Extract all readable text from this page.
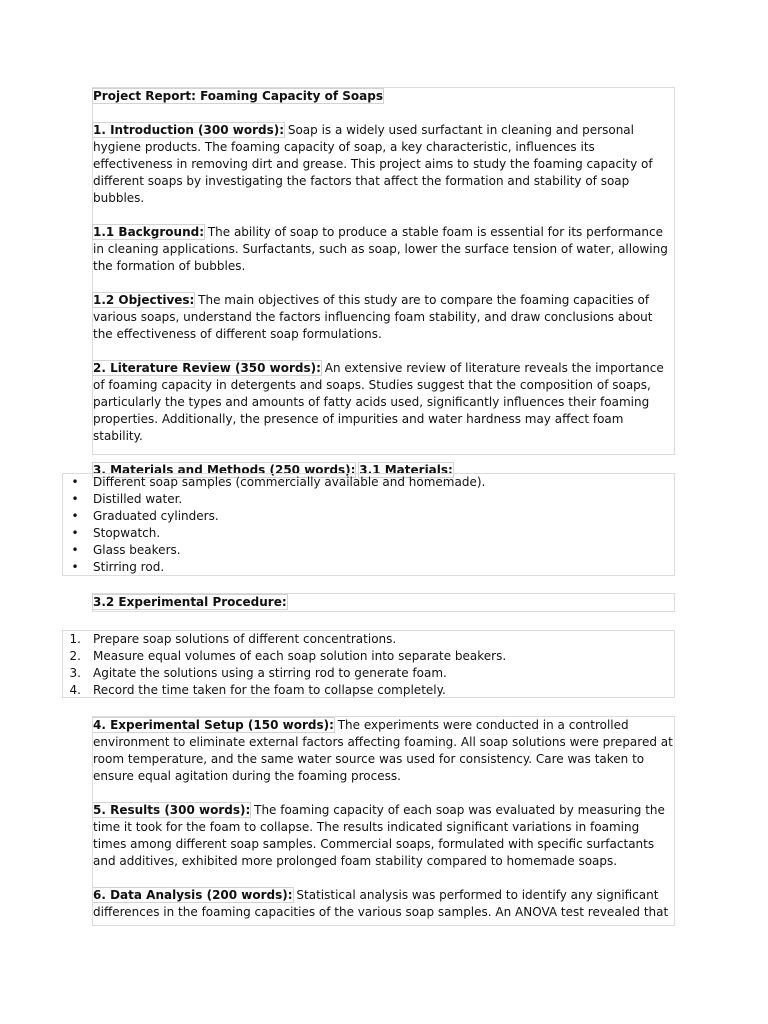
Project Report: Foaming Capacity of Soaps

1. Introduction (300 words): Soap is a widely used surfactant in cleaning and personal hygiene products. The foaming capacity of soap, a key characteristic, influences its effectiveness in removing dirt and grease. This project aims to study the foaming capacity of different soaps by investigating the factors that affect the formation and stability of soap bubbles.

1.1 Background: The ability of soap to produce a stable foam is essential for its performance in cleaning applications. Surfactants, such as soap, lower the surface tension of water, allowing the formation of bubbles.

1.2 Objectives: The main objectives of this study are to compare the foaming capacities of various soaps, understand the factors influencing foam stability, and draw conclusions about the effectiveness of different soap formulations.

2. Literature Review (350 words): An extensive review of literature reveals the importance of foaming capacity in detergents and soaps. Studies suggest that the composition of soaps, particularly the types and amounts of fatty acids used, significantly influences their foaming properties. Additionally, the presence of impurities and water hardness may affect foam stability.

3. Materials and Methods (250 words): 3.1 Materials:

•	Different soap samples (commercially available and homemade).
•	Distilled water.
•	Graduated cylinders.
•	Stopwatch.
•	Glass beakers.
•	Stirring rod.

3.2 Experimental Procedure:

1. Prepare soap solutions of different concentrations.
2. Measure equal volumes of each soap solution into separate beakers.
3. Agitate the solutions using a stirring rod to generate foam.
4. Record the time taken for the foam to collapse completely.

4. Experimental Setup (150 words): The experiments were conducted in a controlled environment to eliminate external factors affecting foaming. All soap solutions were prepared at room temperature, and the same water source was used for consistency. Care was taken to ensure equal agitation during the foaming process.

5. Results (300 words): The foaming capacity of each soap was evaluated by measuring the time it took for the foam to collapse. The results indicated significant variations in foaming times among different soap samples. Commercial soaps, formulated with specific surfactants and additives, exhibited more prolonged foam stability compared to homemade soaps.

6. Data Analysis (200 words): Statistical analysis was performed to identify any significant differences in the foaming capacities of the various soap samples. An ANOVA test revealed that
